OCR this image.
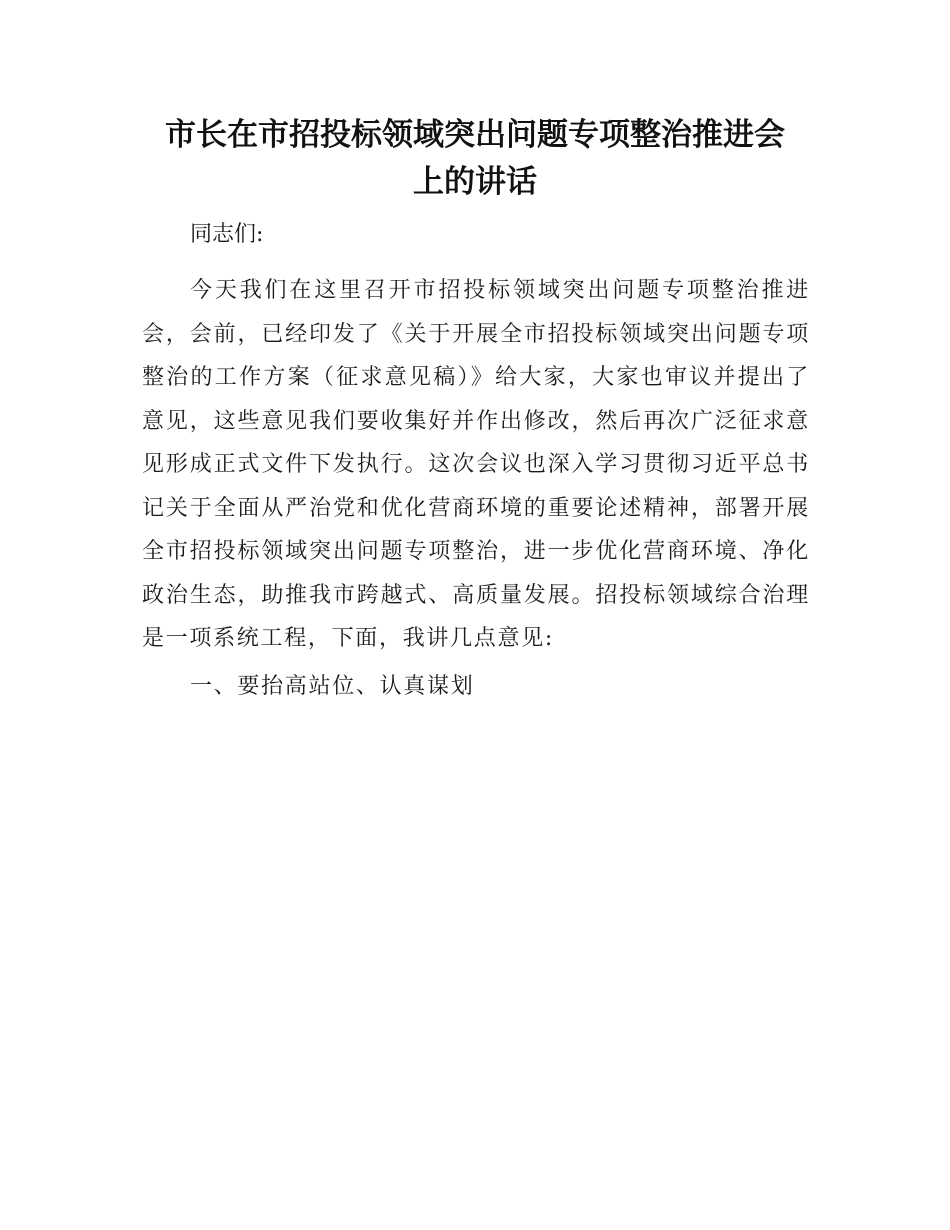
市长在市招投标领域突出问题专项整治推进会
上的讲话
同志们:
今天我们在这里召开市招投标领域突出问题专项整治推进会，会前，已经印发了《关于开展全市招投标领域突出问题专项整治的工作方案（征求意见稿）》给大家，大家也审议并提出了意见，这些意见我们要收集好并作出修改，然后再次广泛征求意见形成正式文件下发执行。这次会议也深入学习贯彻习近平总书记关于全面从严治党和优化营商环境的重要论述精神，部署开展全市招投标领域突出问题专项整治，进一步优化营商环境、净化政治生态，助推我市跨越式、高质量发展。招投标领域综合治理是一项系统工程，下面，我讲几点意见:
一、要抬高站位、认真谋划
